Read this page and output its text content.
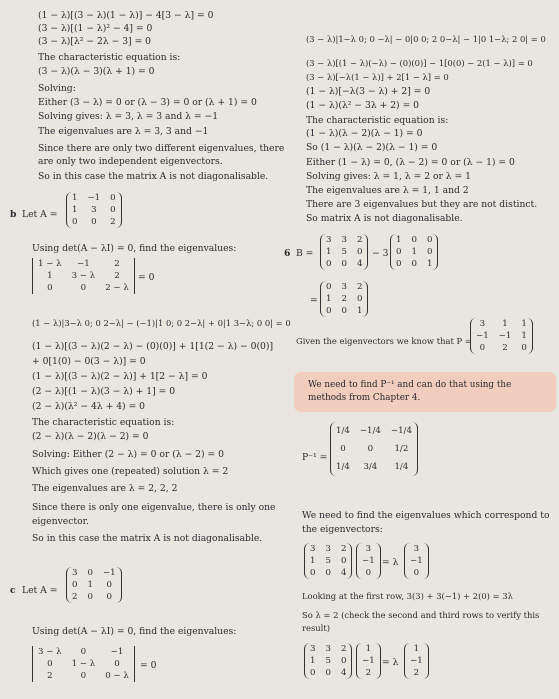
(1 − λ)[(3 − λ)(1 − λ)] − 4[3 − λ] = 0
(3 − λ)[(1 − λ)² − 4] = 0
(3 − λ)[λ² − 2λ − 3] = 0
The characteristic equation is:
(3 − λ)(λ − 3)(λ + 1) = 0
Solving:
Either (3 − λ) = 0 or (λ − 3) = 0 or (λ + 1) = 0
Solving gives: λ = 3, λ = 3 and λ = −1
The eigenvalues are λ = 3, 3 and −1
Since there are only two different eigenvalues, there
are only two independent eigenvectors.
So in this case the matrix A is not diagonalisable.
b Let A =
1	−1	0
1	3	0
0	0	2
Using det(A − λI) = 0, find the eigenvalues:
1 − λ	−1	2
1	3 − λ	2
0	0	2 − λ
= 0
(1 − λ)|3−λ 0; 0 2−λ| − (−1)|1 0; 0 2−λ| + 0|1 3−λ; 0 0| = 0
(1 − λ)[(3 − λ)(2 − λ) − (0)(0)] + 1[1(2 − λ) − 0(0)]
+ 0[1(0) − 0(3 − λ)] = 0
(1 − λ)[(3 − λ)(2 − λ)] + 1[2 − λ] = 0
(2 − λ)[(1 − λ)(3 − λ) + 1] = 0
(2 − λ)(λ² − 4λ + 4) = 0
The characteristic equation is:
(2 − λ)(λ − 2)(λ − 2) = 0
Solving: Either (2 − λ) = 0 or (λ − 2) = 0
Which gives one (repeated) solution λ = 2
The eigenvalues are λ = 2, 2, 2
Since there is only one eigenvalue, there is only one
eigenvector.
So in this case the matrix A is not diagonalisable.
c Let A =
3	0	−1
0	1	0
2	0	0
Using det(A − λI) = 0, find the eigenvalues:
3 − λ	0	−1
0	1 − λ	0
2	0	0 − λ
= 0
(3 − λ)|1−λ 0; 0 −λ| − 0|0 0; 2 0−λ| − 1|0 1−λ; 2 0| = 0
(3 − λ)[(1 − λ)(−λ) − (0)(0)] − 1[0(0) − 2(1 − λ)] = 0
(3 − λ)[−λ(1 − λ)] + 2[1 − λ] = 0
(1 − λ)[−λ(3 − λ) + 2] = 0
(1 − λ)(λ² − 3λ + 2) = 0
The characteristic equation is:
(1 − λ)(λ − 2)(λ − 1) = 0
So (1 − λ)(λ − 2)(λ − 1) = 0
Either (1 − λ) = 0, (λ − 2) = 0 or (λ − 1) = 0
Solving gives: λ = 1, λ = 2 or λ = 1
The eigenvalues are λ = 1, 1 and 2
There are 3 eigenvalues but they are not distinct.
So matrix A is not diagonalisable.
6 B =
3	3	2
1	5	0
0	0	4
− 3
1	0	0
0	1	0
0	0	1
=
0	3	2
1	2	0
0	0	1
Given the eigenvectors we know that P =
3	1	1
−1	−1	1
0	2	0
We need to find P⁻¹ and can do that using the
methods from Chapter 4.
P⁻¹ =
1/4	−1/4	−1/4
0	0	1/2
1/4	3/4	1/4
We need to find the eigenvalues which correspond to
the eigenvectors:
3	3	2
1	5	0
0	0	4
3
−1
0
= λ
3
−1
0
Looking at the first row, 3(3) + 3(−1) + 2(0) = 3λ
So λ = 2 (check the second and third rows to verify this
result)
3	3	2
1	5	0
0	0	4
1
−1
2
= λ
1
−1
2
